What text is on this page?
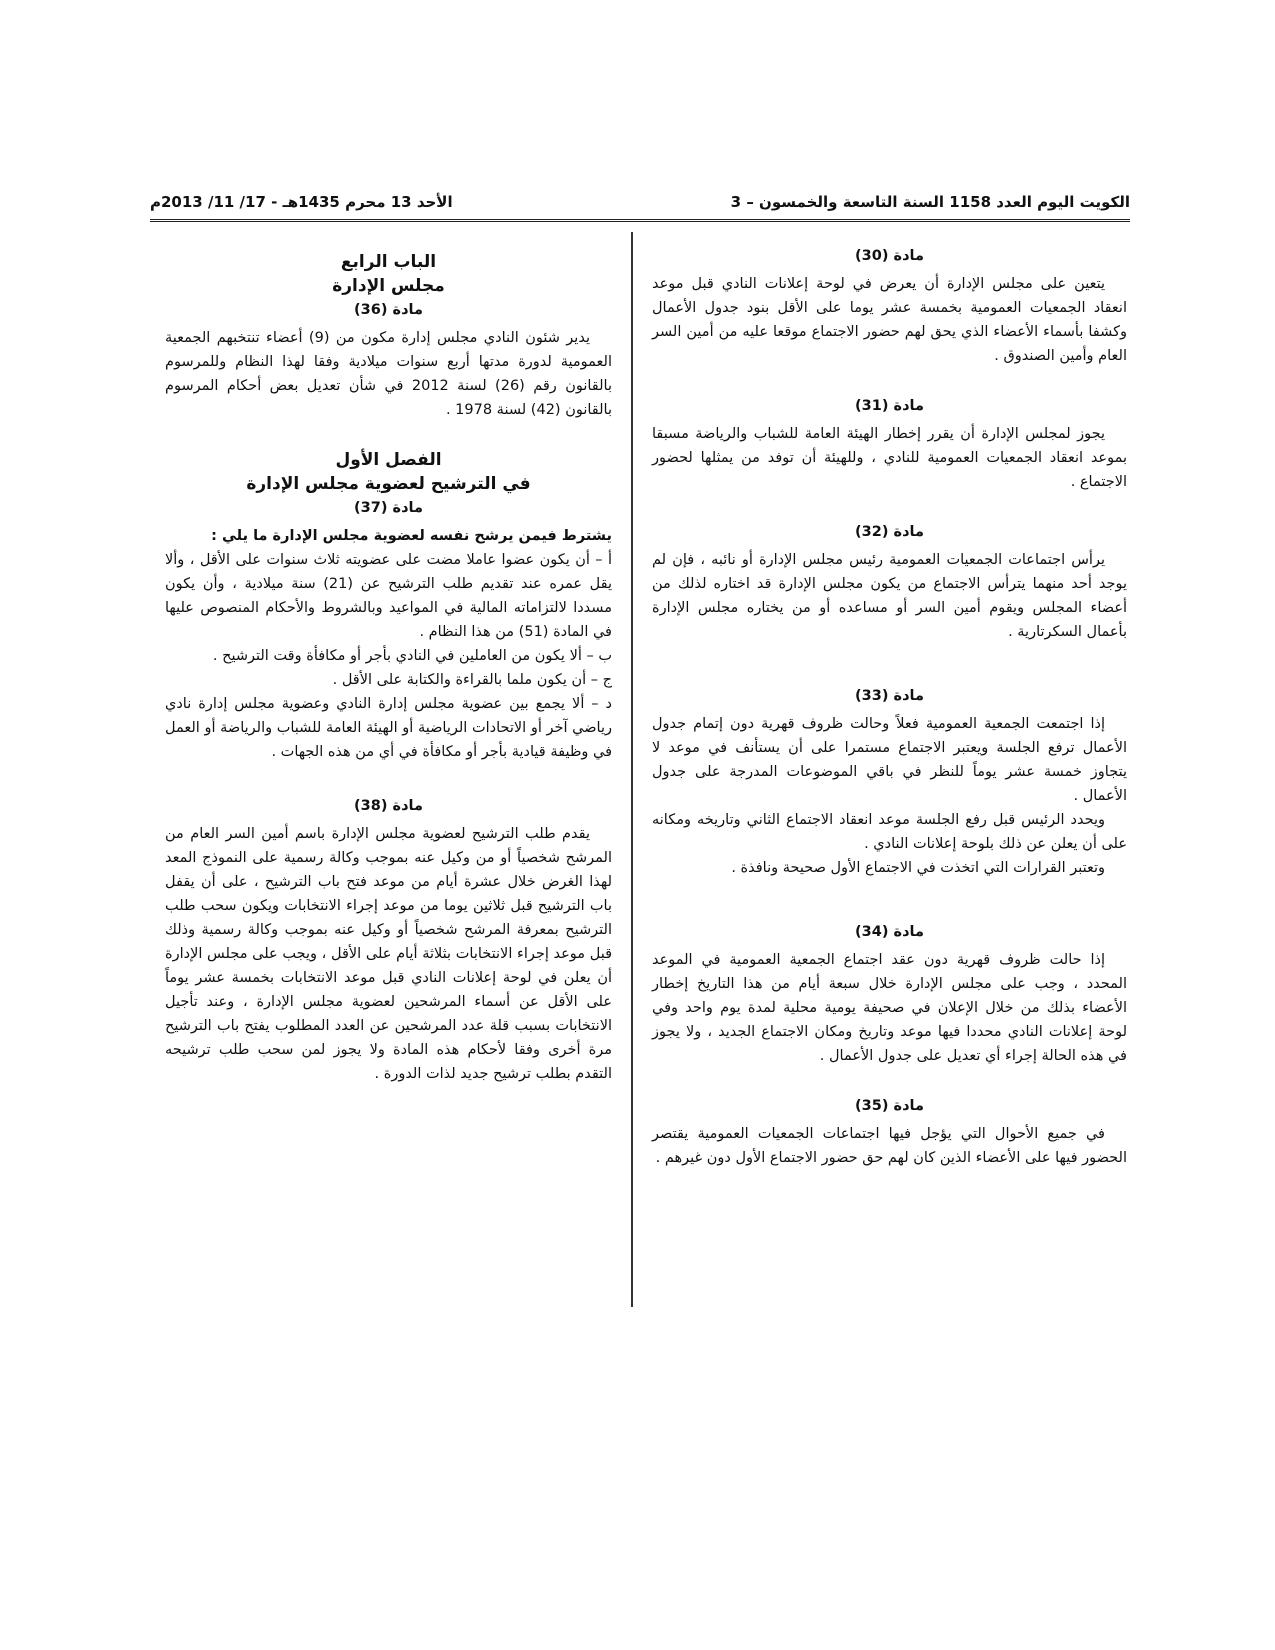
الكويت اليوم العدد 1158 السنة التاسعة والخمسون – 3
الأحد 13 محرم 1435هـ - 17/ 11/ 2013م
مادة (30)

يتعين على مجلس الإدارة أن يعرض في لوحة إعلانات النادي قبل موعد انعقاد الجمعيات العمومية بخمسة عشر يوما على الأقل بنود جدول الأعمال وكشفا بأسماء الأعضاء الذي يحق لهم حضور الاجتماع موقعا عليه من أمين السر العام وأمين الصندوق .

مادة (31)

يجوز لمجلس الإدارة أن يقرر إخطار الهيئة العامة للشباب والرياضة مسبقا بموعد انعقاد الجمعيات العمومية للنادي ، وللهيئة أن توفد من يمثلها لحضور الاجتماع .

مادة (32)

يرأس اجتماعات الجمعيات العمومية رئيس مجلس الإدارة أو نائبه ، فإن لم يوجد أحد منهما يترأس الاجتماع من يكون مجلس الإدارة قد اختاره لذلك من أعضاء المجلس ويقوم أمين السر أو مساعده أو من يختاره مجلس الإدارة بأعمال السكرتارية .

مادة (33)

إذا اجتمعت الجمعية العمومية فعلاً وحالت ظروف قهرية دون إتمام جدول الأعمال ترفع الجلسة ويعتبر الاجتماع مستمرا على أن يستأنف في موعد لا يتجاوز خمسة عشر يوماً للنظر في باقي الموضوعات المدرجة على جدول الأعمال .

ويحدد الرئيس قبل رفع الجلسة موعد انعقاد الاجتماع الثاني وتاريخه ومكانه على أن يعلن عن ذلك بلوحة إعلانات النادي .

وتعتبر القرارات التي اتخذت في الاجتماع الأول صحيحة ونافذة .

مادة (34)

إذا حالت ظروف قهرية دون عقد اجتماع الجمعية العمومية في الموعد المحدد ، وجب على مجلس الإدارة خلال سبعة أيام من هذا التاريخ إخطار الأعضاء بذلك من خلال الإعلان في صحيفة يومية محلية لمدة يوم واحد وفي لوحة إعلانات النادي محددا فيها موعد وتاريخ ومكان الاجتماع الجديد ، ولا يجوز في هذه الحالة إجراء أي تعديل على جدول الأعمال .

مادة (35)

في جميع الأحوال التي يؤجل فيها اجتماعات الجمعيات العمومية يقتصر الحضور فيها على الأعضاء الذين كان لهم حق حضور الاجتماع الأول دون غيرهم .

الباب الرابع
مجلس الإدارة
مادة (36)

يدير شئون النادي مجلس إدارة مكون من (9) أعضاء تنتخبهم الجمعية العمومية لدورة مدتها أربع سنوات ميلادية وفقا لهذا النظام وللمرسوم بالقانون رقم (26) لسنة 2012 في شأن تعديل بعض أحكام المرسوم بالقانون (42) لسنة 1978 .

الفصل الأول
في الترشيح لعضوية مجلس الإدارة
مادة (37)

يشترط فيمن يرشح نفسه لعضوية مجلس الإدارة ما يلي :

أ – أن يكون عضوا عاملا مضت على عضويته ثلاث سنوات على الأقل ، وألا يقل عمره عند تقديم طلب الترشيح عن (21) سنة ميلادية ، وأن يكون مسددا لالتزاماته المالية في المواعيد وبالشروط والأحكام المنصوص عليها في المادة (51) من هذا النظام .

ب – ألا يكون من العاملين في النادي بأجر أو مكافأة وقت الترشيح .

ج – أن يكون ملما بالقراءة والكتابة على الأقل .

د – ألا يجمع بين عضوية مجلس إدارة النادي وعضوية مجلس إدارة نادي رياضي آخر أو الاتحادات الرياضية أو الهيئة العامة للشباب والرياضة أو العمل في وظيفة قيادية بأجر أو مكافأة في أي من هذه الجهات .

مادة (38)

يقدم طلب الترشيح لعضوية مجلس الإدارة باسم أمين السر العام من المرشح شخصياً أو من وكيل عنه بموجب وكالة رسمية على النموذج المعد لهذا الغرض خلال عشرة أيام من موعد فتح باب الترشيح ، على أن يقفل باب الترشيح قبل ثلاثين يوما من موعد إجراء الانتخابات ويكون سحب طلب الترشيح بمعرفة المرشح شخصياً أو وكيل عنه بموجب وكالة رسمية وذلك قبل موعد إجراء الانتخابات بثلاثة أيام على الأقل ، ويجب على مجلس الإدارة أن يعلن في لوحة إعلانات النادي قبل موعد الانتخابات بخمسة عشر يوماً على الأقل عن أسماء المرشحين لعضوية مجلس الإدارة ، وعند تأجيل الانتخابات بسبب قلة عدد المرشحين عن العدد المطلوب يفتح باب الترشيح مرة أخرى وفقا لأحكام هذه المادة ولا يجوز لمن سحب طلب ترشيحه التقدم بطلب ترشيح جديد لذات الدورة .
